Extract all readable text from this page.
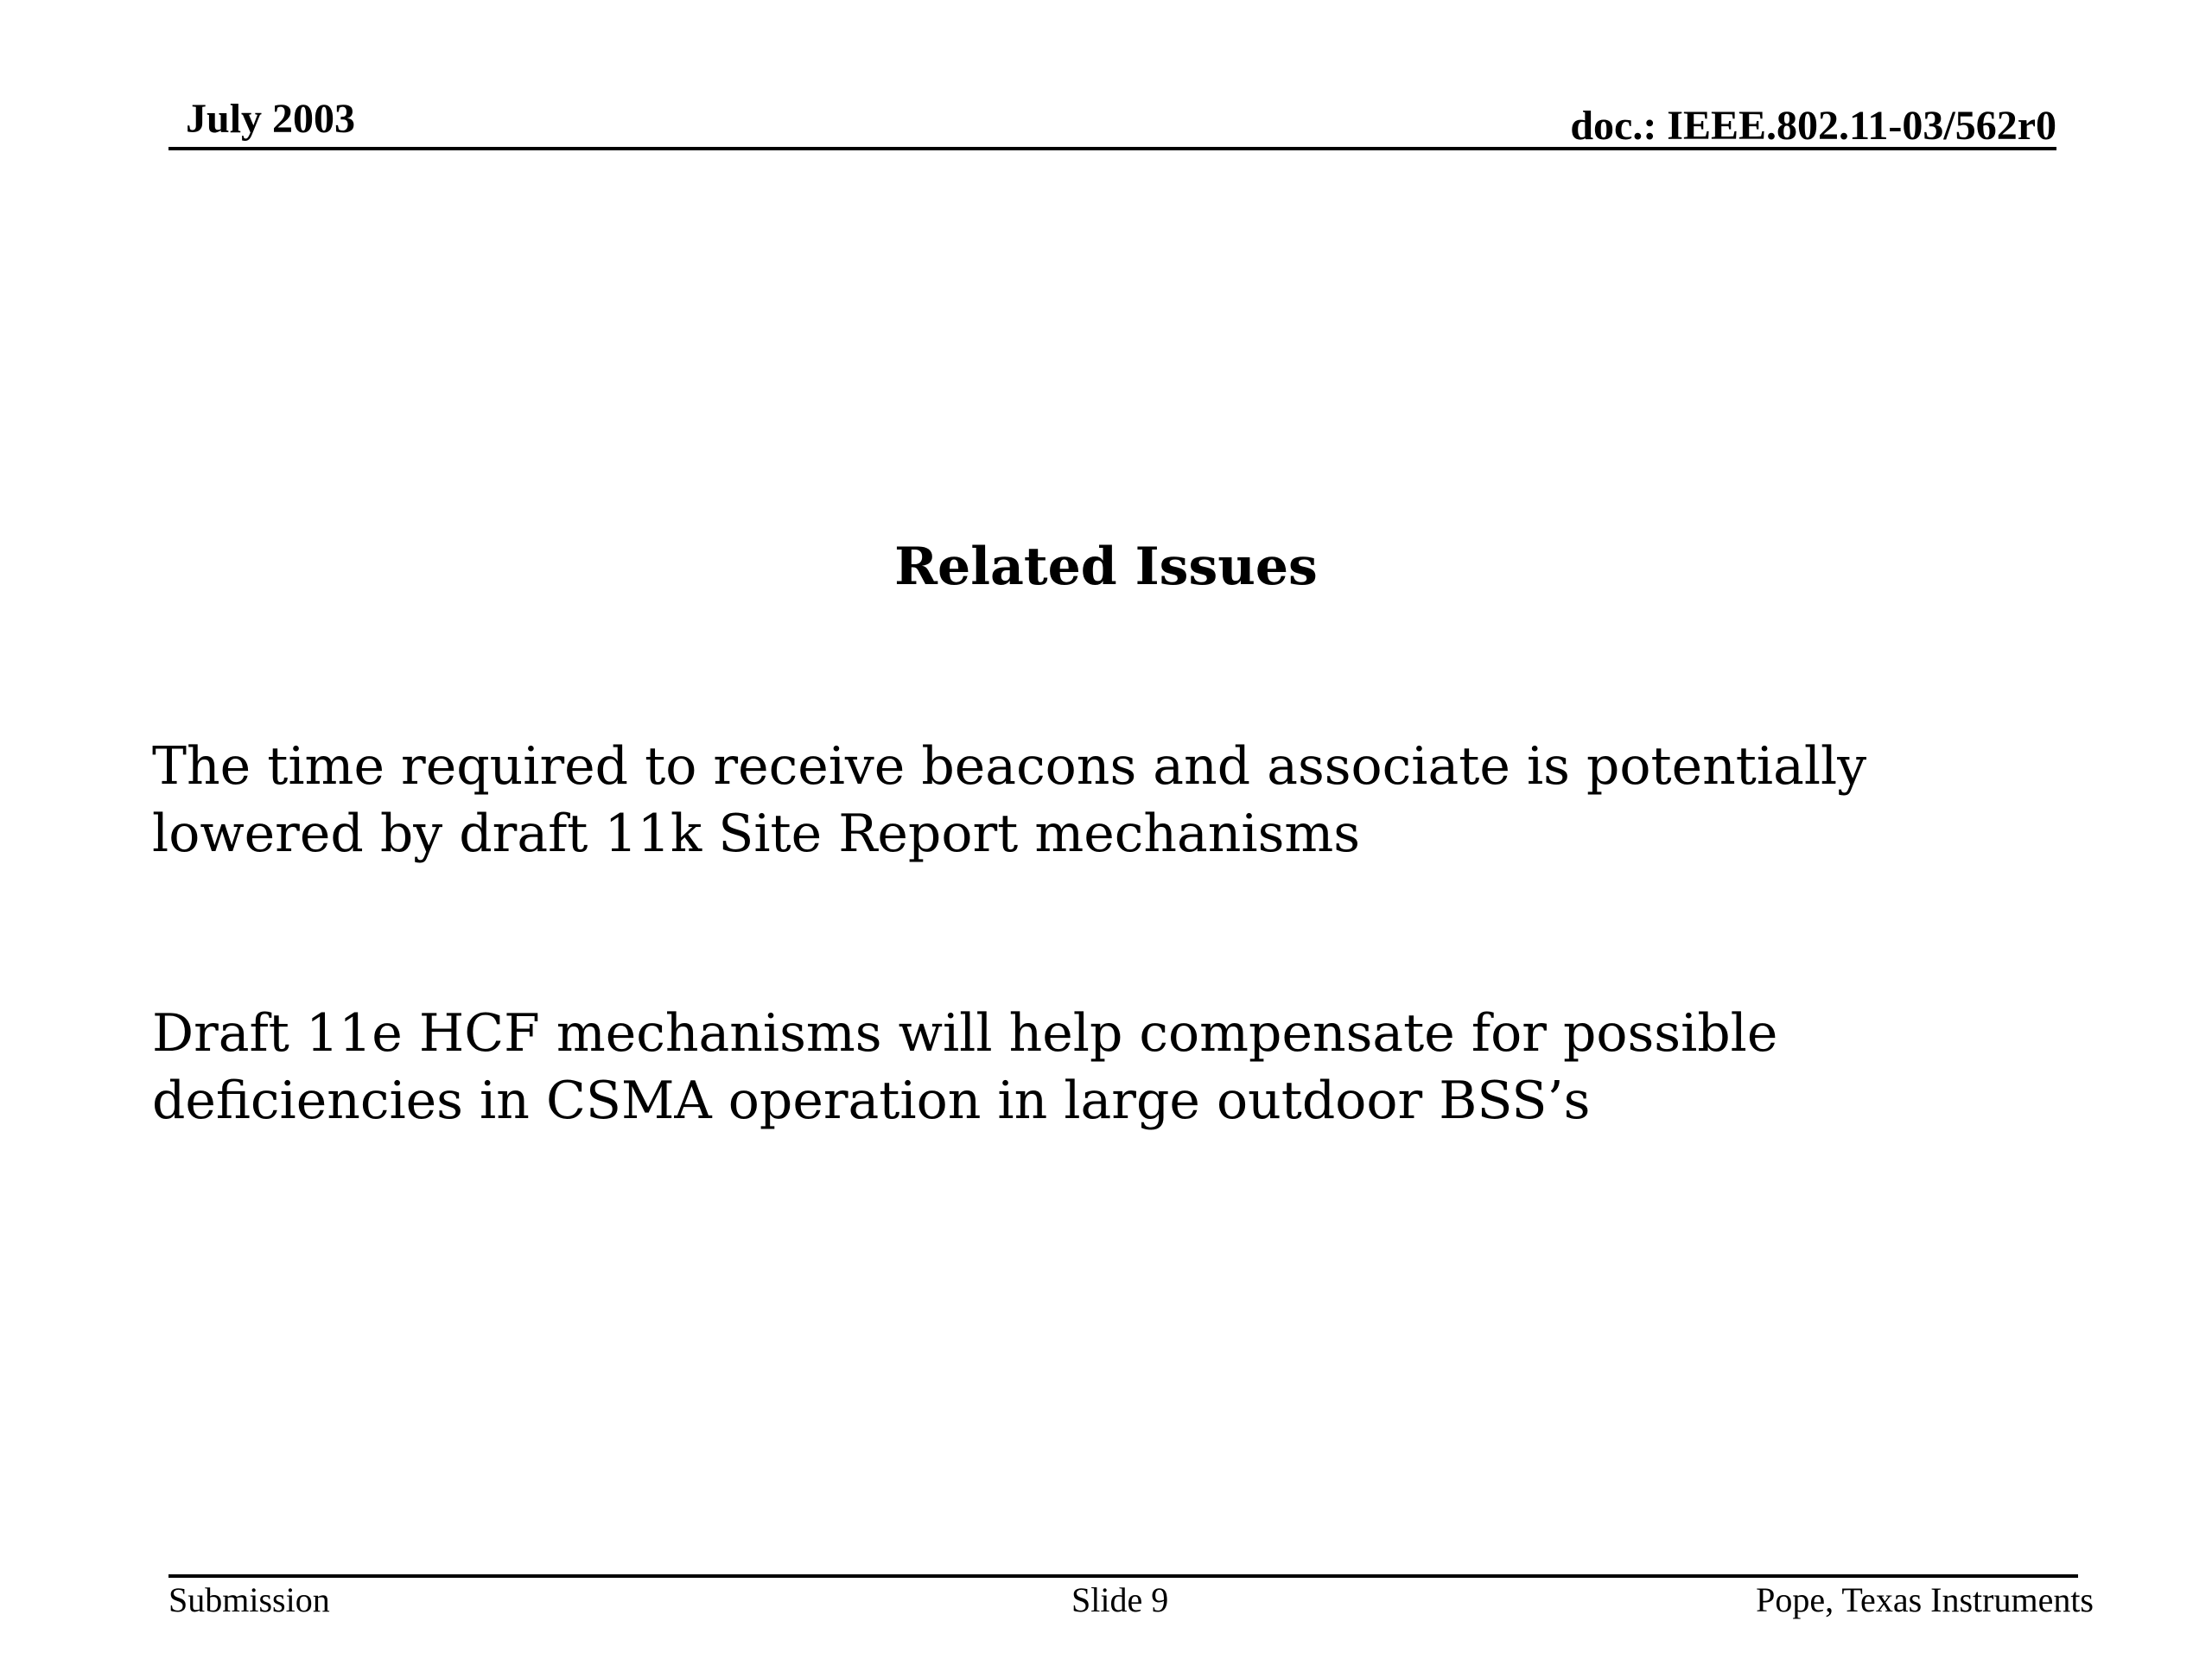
July 2003	doc.: IEEE.802.11-03/562r0
Related Issues
The time required to receive beacons and associate is potentially
lowered by draft 11k Site Report mechanisms
Draft 11e HCF mechanisms will help compensate for possible
deficiencies in CSMA operation in large outdoor BSS’s
Submission	Slide 9	Pope, Texas Instruments
